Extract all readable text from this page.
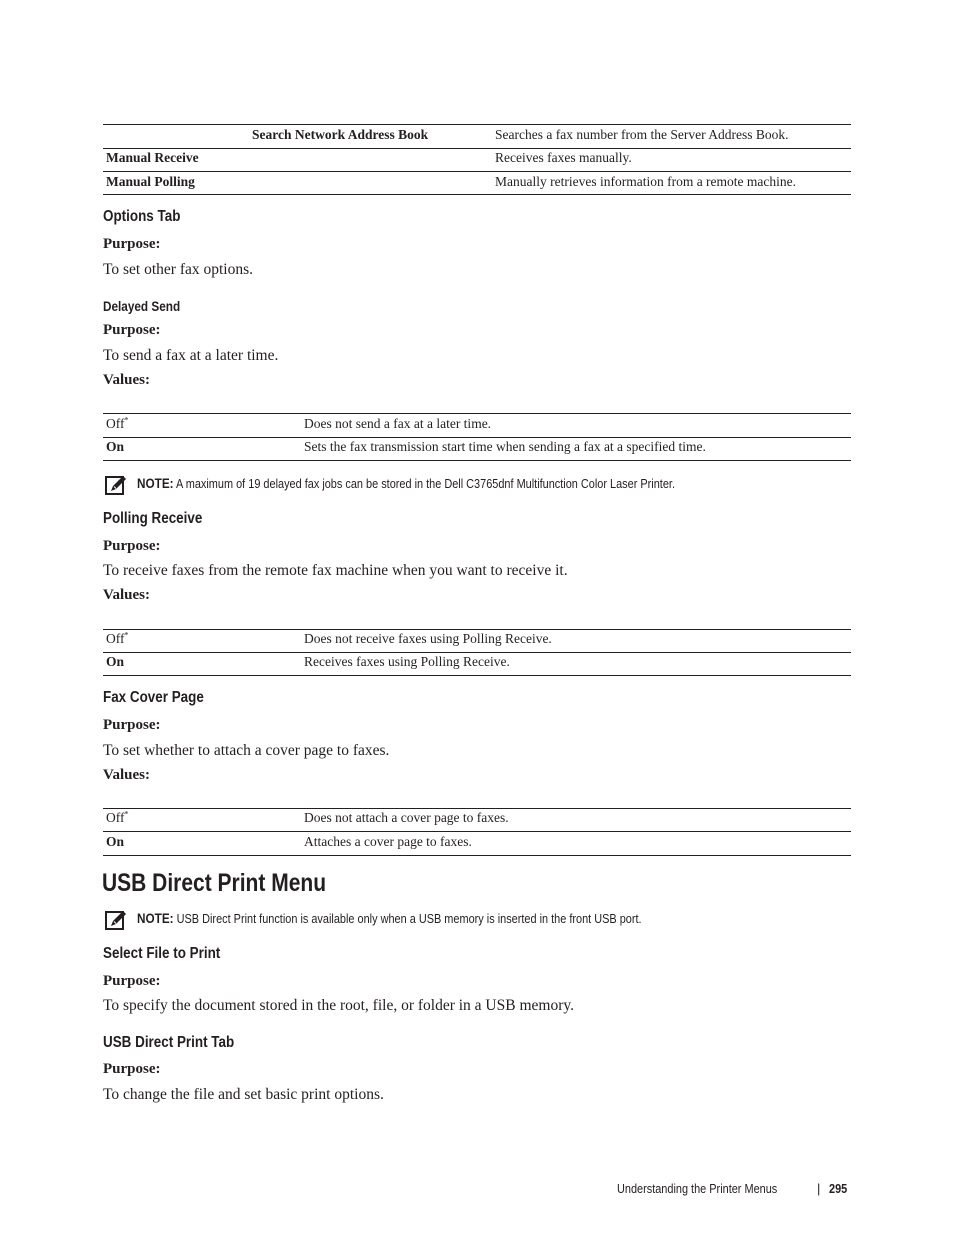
Search Network Address Book	Searches a fax number from the Server Address Book.
Manual Receive	Receives faxes manually.
Manual Polling	Manually retrieves information from a remote machine.
Options Tab
Purpose:
To set other fax options.
Delayed Send
Purpose:
To send a fax at a later time.
Values:
Off*	Does not send a fax at a later time.
On	Sets the fax transmission start time when sending a fax at a specified time.
NOTE: A maximum of 19 delayed fax jobs can be stored in the Dell C3765dnf Multifunction Color Laser Printer.
Polling Receive
Purpose:
To receive faxes from the remote fax machine when you want to receive it.
Values:
Off*	Does not receive faxes using Polling Receive.
On	Receives faxes using Polling Receive.
Fax Cover Page
Purpose:
To set whether to attach a cover page to faxes.
Values:
Off*	Does not attach a cover page to faxes.
On	Attaches a cover page to faxes.
USB Direct Print Menu
NOTE: USB Direct Print function is available only when a USB memory is inserted in the front USB port.
Select File to Print
Purpose:
To specify the document stored in the root, file, or folder in a USB memory.
USB Direct Print Tab
Purpose:
To change the file and set basic print options.
Understanding the Printer Menus	| 295
